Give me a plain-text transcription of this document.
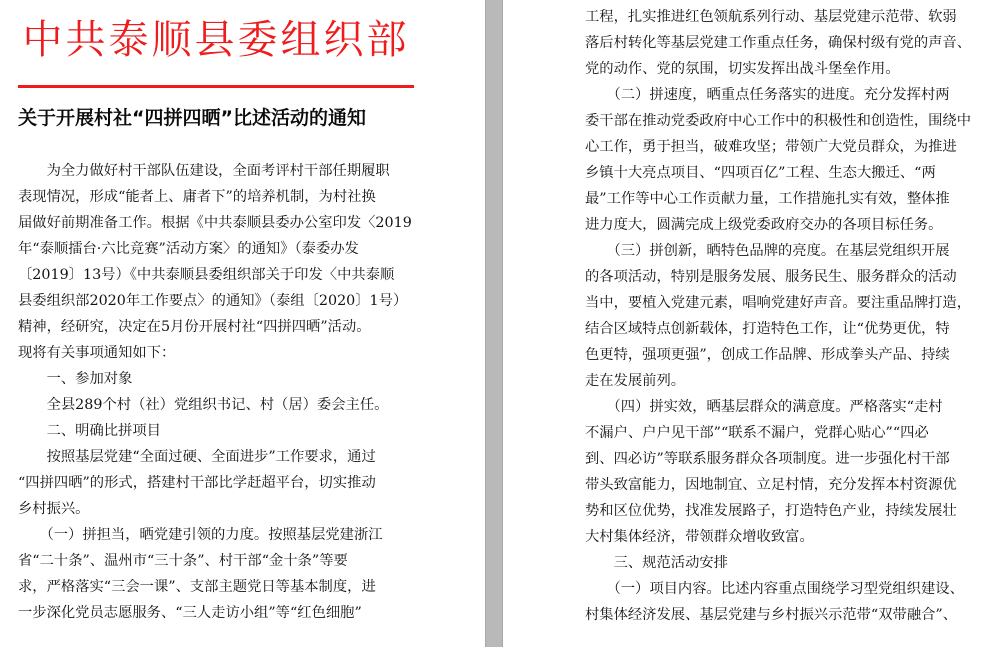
中共泰顺县委组织部
关于开展村社“四拼四晒”比述活动的通知
　　为全力做好村干部队伍建设，全面考评村干部任期履职
表现情况，形成“能者上、庸者下”的培养机制，为村社换
届做好前期准备工作。根据《中共泰顺县委办公室印发〈2019
年“泰顺擂台·六比竞赛”活动方案〉的通知》（泰委办发
〔2019〕13号）《中共泰顺县委组织部关于印发〈中共泰顺
县委组织部2020年工作要点〉的通知》（泰组〔2020〕1号）
精神，经研究，决定在5月份开展村社“四拼四晒”活动。
现将有关事项通知如下：
　　一、参加对象
　　全县289个村（社）党组织书记、村（居）委会主任。
　　二、明确比拼项目
　　按照基层党建“全面过硬、全面进步”工作要求，通过
“四拼四晒”的形式，搭建村干部比学赶超平台，切实推动
乡村振兴。
　　（一）拼担当，晒党建引领的力度。按照基层党建浙江
省“二十条”、温州市“三十条”、村干部“金十条”等要
求，严格落实“三会一课”、支部主题党日等基本制度，进
一步深化党员志愿服务、“三人走访小组”等“红色细胞”
工程，扎实推进红色领航系列行动、基层党建示范带、软弱
落后村转化等基层党建工作重点任务，确保村级有党的声音、
党的动作、党的氛围，切实发挥出战斗堡垒作用。
　　（二）拼速度，晒重点任务落实的进度。充分发挥村两
委干部在推动党委政府中心工作中的积极性和创造性，围绕中
心工作，勇于担当，破难攻坚；带领广大党员群众，为推进
乡镇十大亮点项目、“四项百亿”工程、生态大搬迁、“两
最”工作等中心工作贡献力量，工作措施扎实有效，整体推
进力度大，圆满完成上级党委政府交办的各项目标任务。
　　（三）拼创新，晒特色品牌的亮度。在基层党组织开展
的各项活动，特别是服务发展、服务民生、服务群众的活动
当中，要植入党建元素，唱响党建好声音。要注重品牌打造，
结合区域特点创新载体，打造特色工作，让“优势更优，特
色更特，强项更强”，创成工作品牌、形成拳头产品、持续
走在发展前列。
　　（四）拼实效，晒基层群众的满意度。严格落实“走村
不漏户、户户见干部”“联系不漏户，党群心贴心”“四必
到、四必访”等联系服务群众各项制度。进一步强化村干部
带头致富能力，因地制宜、立足村情，充分发挥本村资源优
势和区位优势，找准发展路子，打造特色产业，持续发展壮
大村集体经济，带领群众增收致富。
　　三、规范活动安排
　　（一）项目内容。比述内容重点围绕学习型党组织建设、
村集体经济发展、基层党建与乡村振兴示范带“双带融合”、
